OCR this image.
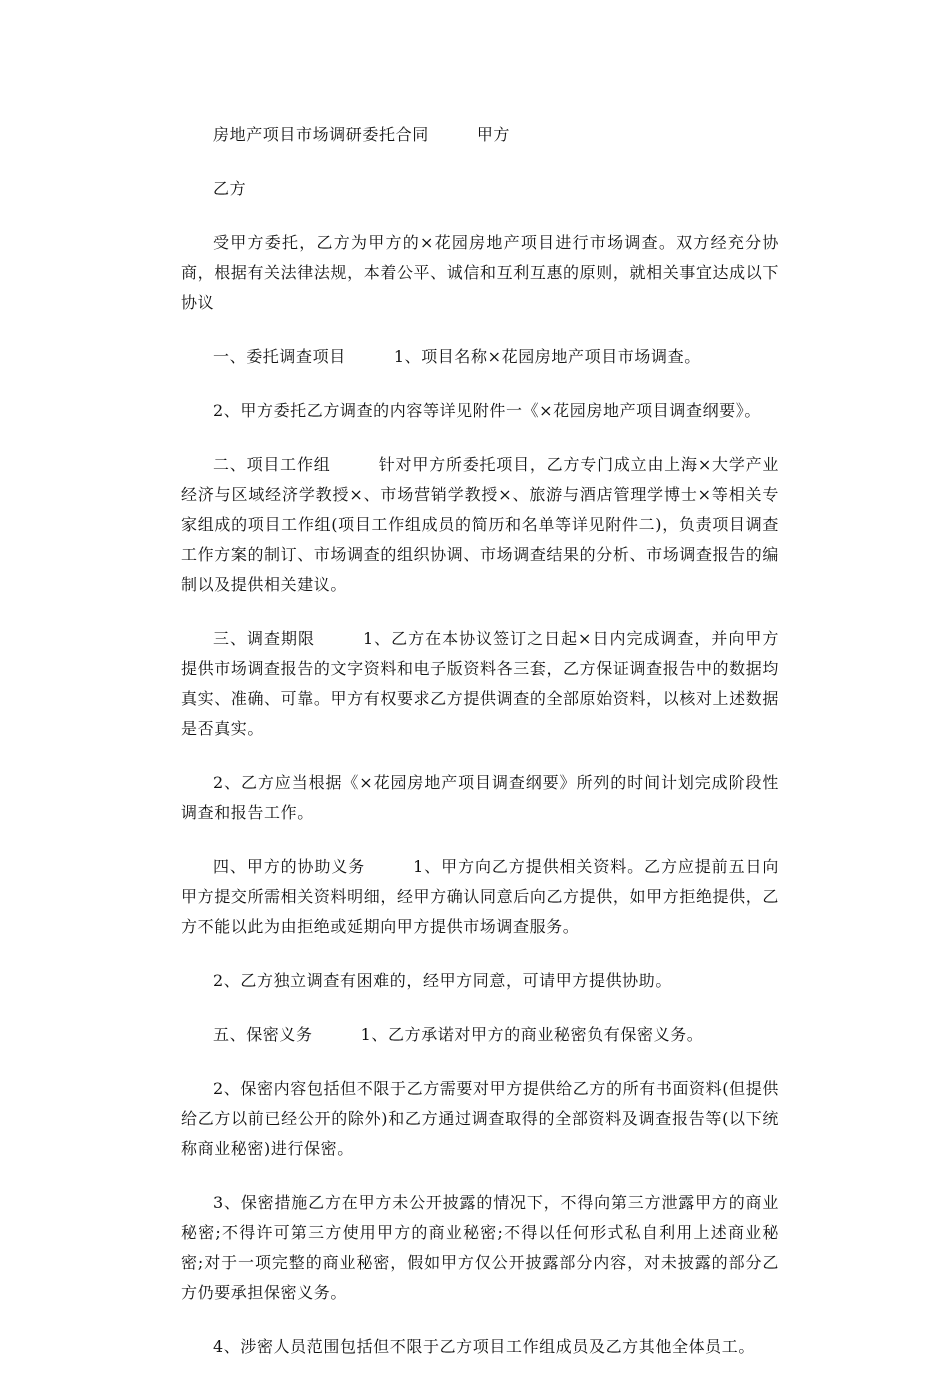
房地产项目市场调研委托合同	甲方

乙方

受甲方委托，乙方为甲方的×花园房地产项目进行市场调查。双方经充分协商，根据有关法律法规，本着公平、诚信和互利互惠的原则，就相关事宜达成以下协议

一、委托调查项目	1、项目名称×花园房地产项目市场调查。

2、甲方委托乙方调查的内容等详见附件一《×花园房地产项目调查纲要》。

二、项目工作组	针对甲方所委托项目，乙方专门成立由上海×大学产业经济与区域经济学教授×、市场营销学教授×、旅游与酒店管理学博士×等相关专家组成的项目工作组(项目工作组成员的简历和名单等详见附件二)，负责项目调查工作方案的制订、市场调查的组织协调、市场调查结果的分析、市场调查报告的编制以及提供相关建议。

三、调查期限	1、乙方在本协议签订之日起×日内完成调查，并向甲方提供市场调查报告的文字资料和电子版资料各三套，乙方保证调查报告中的数据均真实、准确、可靠。甲方有权要求乙方提供调查的全部原始资料，以核对上述数据是否真实。

2、乙方应当根据《×花园房地产项目调查纲要》所列的时间计划完成阶段性调查和报告工作。

四、甲方的协助义务	1、甲方向乙方提供相关资料。乙方应提前五日向甲方提交所需相关资料明细，经甲方确认同意后向乙方提供，如甲方拒绝提供，乙方不能以此为由拒绝或延期向甲方提供市场调查服务。

2、乙方独立调查有困难的，经甲方同意，可请甲方提供协助。

五、保密义务	1、乙方承诺对甲方的商业秘密负有保密义务。

2、保密内容包括但不限于乙方需要对甲方提供给乙方的所有书面资料(但提供给乙方以前已经公开的除外)和乙方通过调查取得的全部资料及调查报告等(以下统称商业秘密)进行保密。

3、保密措施乙方在甲方未公开披露的情况下，不得向第三方泄露甲方的商业秘密;不得许可第三方使用甲方的商业秘密;不得以任何形式私自利用上述商业秘密;对于一项完整的商业秘密，假如甲方仅公开披露部分内容，对未披露的部分乙方仍要承担保密义务。

4、涉密人员范围包括但不限于乙方项目工作组成员及乙方其他全体员工。
